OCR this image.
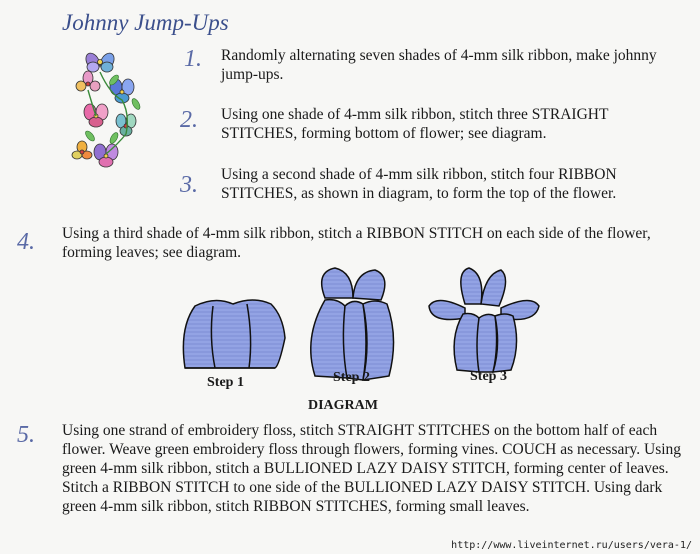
Johnny Jump-Ups
1. Randomly alternating seven shades of 4-mm silk ribbon, make johnny jump-ups.
2. Using one shade of 4-mm silk ribbon, stitch three STRAIGHT STITCHES, forming bottom of flower; see diagram.
3. Using a second shade of 4-mm silk ribbon, stitch four RIBBON STITCHES, as shown in diagram, to form the top of the flower.
4. Using a third shade of 4-mm silk ribbon, stitch a RIBBON STITCH on each side of the flower, forming leaves; see diagram.
Step 1	Step 2	Step 3
DIAGRAM
5. Using one strand of embroidery floss, stitch STRAIGHT STITCHES on the bottom half of each flower. Weave green embroidery floss through flowers, forming vines. COUCH as necessary. Using green 4-mm silk ribbon, stitch a BULLIONED LAZY DAISY STITCH, forming center of leaves. Stitch a RIBBON STITCH to one side of the BULLIONED LAZY DAISY STITCH. Using dark green 4-mm silk ribbon, stitch RIBBON STITCHES, forming small leaves.
http://www.liveinternet.ru/users/vera-1/
